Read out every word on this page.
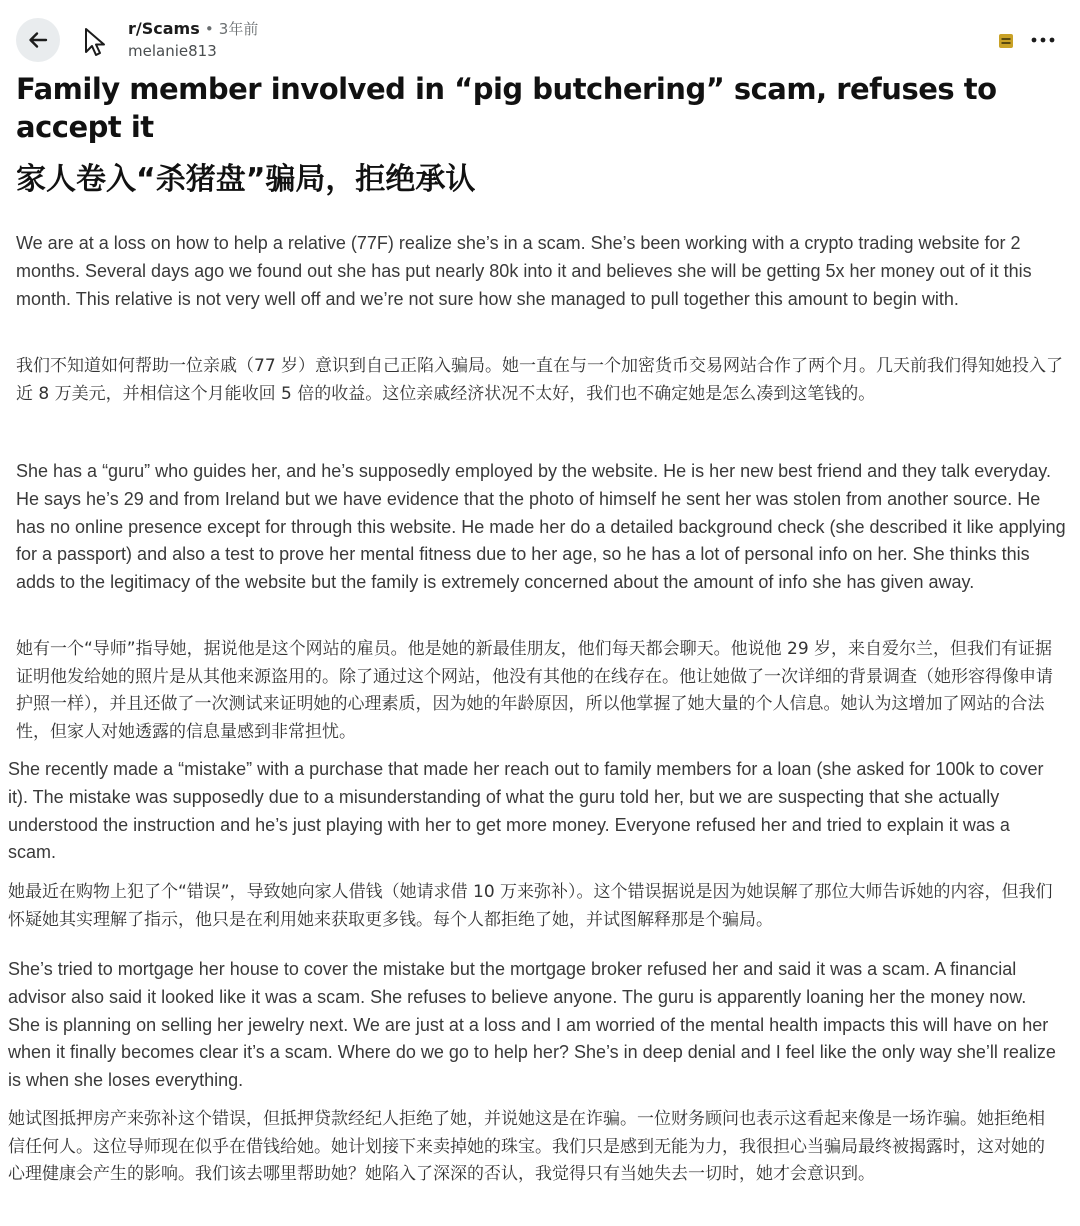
r/Scams • 3年前
melanie813
Family member involved in “pig butchering” scam, refuses to accept it
家人卷入“杀猪盘”骗局，拒绝承认

We are at a loss on how to help a relative (77F) realize she’s in a scam. She’s been working with a crypto trading website for 2 months. Several days ago we found out she has put nearly 80k into it and believes she will be getting 5x her money out of it this month. This relative is not very well off and we’re not sure how she managed to pull together this amount to begin with.

我们不知道如何帮助一位亲戚（77 岁）意识到自己正陷入骗局。她一直在与一个加密货币交易网站合作了两个月。几天前我们得知她投入了近 8 万美元，并相信这个月能收回 5 倍的收益。这位亲戚经济状况不太好，我们也不确定她是怎么凑到这笔钱的。

She has a “guru” who guides her, and he’s supposedly employed by the website. He is her new best friend and they talk everyday. He says he’s 29 and from Ireland but we have evidence that the photo of himself he sent her was stolen from another source. He has no online presence except for through this website. He made her do a detailed background check (she described it like applying for a passport) and also a test to prove her mental fitness due to her age, so he has a lot of personal info on her. She thinks this adds to the legitimacy of the website but the family is extremely concerned about the amount of info she has given away.

她有一个“导师”指导她，据说他是这个网站的雇员。他是她的新最佳朋友，他们每天都会聊天。他说他 29 岁，来自爱尔兰，但我们有证据证明他发给她的照片是从其他来源盗用的。除了通过这个网站，他没有其他的在线存在。他让她做了一次详细的背景调查（她形容得像申请护照一样），并且还做了一次测试来证明她的心理素质，因为她的年龄原因，所以他掌握了她大量的个人信息。她认为这增加了网站的合法性，但家人对她透露的信息量感到非常担忧。

She recently made a “mistake” with a purchase that made her reach out to family members for a loan (she asked for 100k to cover it). The mistake was supposedly due to a misunderstanding of what the guru told her, but we are suspecting that she actually understood the instruction and he’s just playing with her to get more money. Everyone refused her and tried to explain it was a scam.

她最近在购物上犯了个“错误”，导致她向家人借钱（她请求借 10 万来弥补）。这个错误据说是因为她误解了那位大师告诉她的内容，但我们怀疑她其实理解了指示，他只是在利用她来获取更多钱。每个人都拒绝了她，并试图解释那是个骗局。

She’s tried to mortgage her house to cover the mistake but the mortgage broker refused her and said it was a scam. A financial advisor also said it looked like it was a scam. She refuses to believe anyone. The guru is apparently loaning her the money now. She is planning on selling her jewelry next. We are just at a loss and I am worried of the mental health impacts this will have on her when it finally becomes clear it’s a scam. Where do we go to help her? She’s in deep denial and I feel like the only way she’ll realize is when she loses everything.

她试图抵押房产来弥补这个错误，但抵押贷款经纪人拒绝了她，并说她这是在诈骗。一位财务顾问也表示这看起来像是一场诈骗。她拒绝相信任何人。这位导师现在似乎在借钱给她。她计划接下来卖掉她的珠宝。我们只是感到无能为力，我很担心当骗局最终被揭露时，这对她的心理健康会产生的影响。我们该去哪里帮助她？她陷入了深深的否认，我觉得只有当她失去一切时，她才会意识到。
